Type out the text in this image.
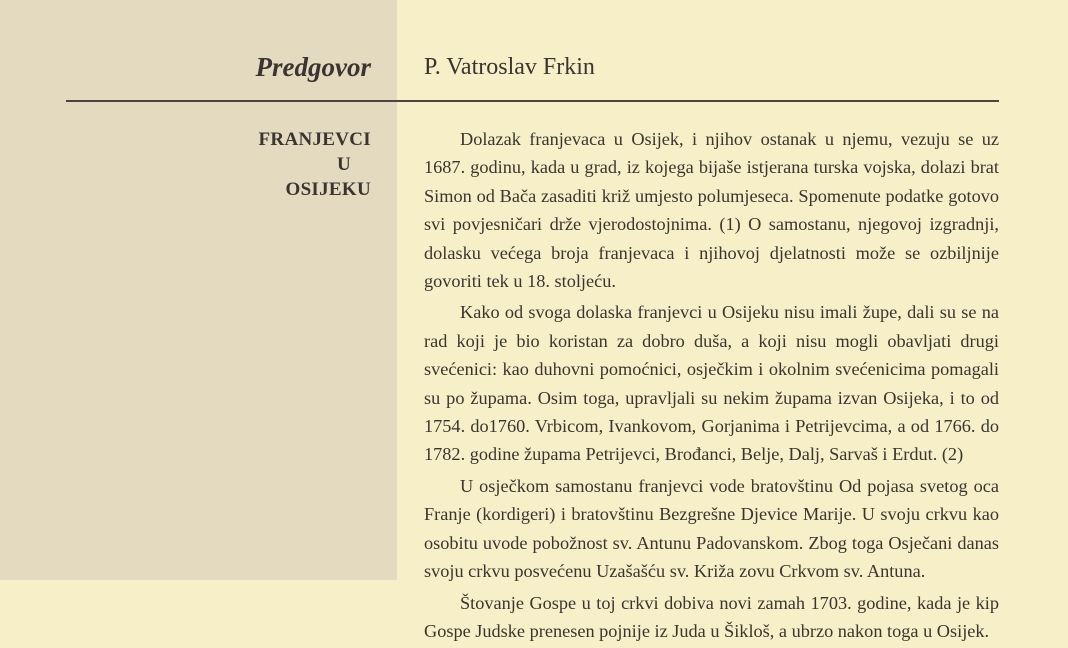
Predgovor P. Vatroslav Frkin
FRANJEVCI
U
OSIJEKU

Dolazak franjevaca u Osijek, i njihov ostanak u njemu, vezuju se uz 1687. godinu, kada u grad, iz kojega bijaše istjerana turska vojska, dolazi brat Simon od Bača zasaditi križ umjesto polumjeseca. Spomenute podatke gotovo svi povjesničari drže vjerodostojnima. (1) O samostanu, njegovoj izgradnji, dolasku većega broja franjevaca i njihovoj djelatnosti može se ozbiljnije govoriti tek u 18. stoljeću.

Kako od svoga dolaska franjevci u Osijeku nisu imali župe, dali su se na rad koji je bio koristan za dobro duša, a koji nisu mogli obavljati drugi svećenici: kao duhovni pomoćnici, osječkim i okolnim svećenicima pomagali su po župama. Osim toga, upravljali su nekim župama izvan Osijeka, i to od 1754. do1760. Vrbicom, Ivankovom, Gorjanima i Petrijevcima, a od 1766. do 1782. godine župama Petrijevci, Brođanci, Belje, Dalj, Sarvaš i Erdut. (2)

U osječkom samostanu franjevci vode bratovštinu Od pojasa svetog oca Franje (kordigeri) i bratovštinu Bezgrešne Djevice Marije. U svoju crkvu kao osobitu uvode pobožnost sv. Antunu Padovanskom. Zbog toga Osječani danas svoju crkvu posvećenu Uzašašću sv. Križa zovu Crkvom sv. Antuna.

Štovanje Gospe u toj crkvi dobiva novi zamah 1703. godine, kada je kip Gospe Judske prenesen pojnije iz Juda u Šikloš, a ubrzo nakon toga u Osijek.
